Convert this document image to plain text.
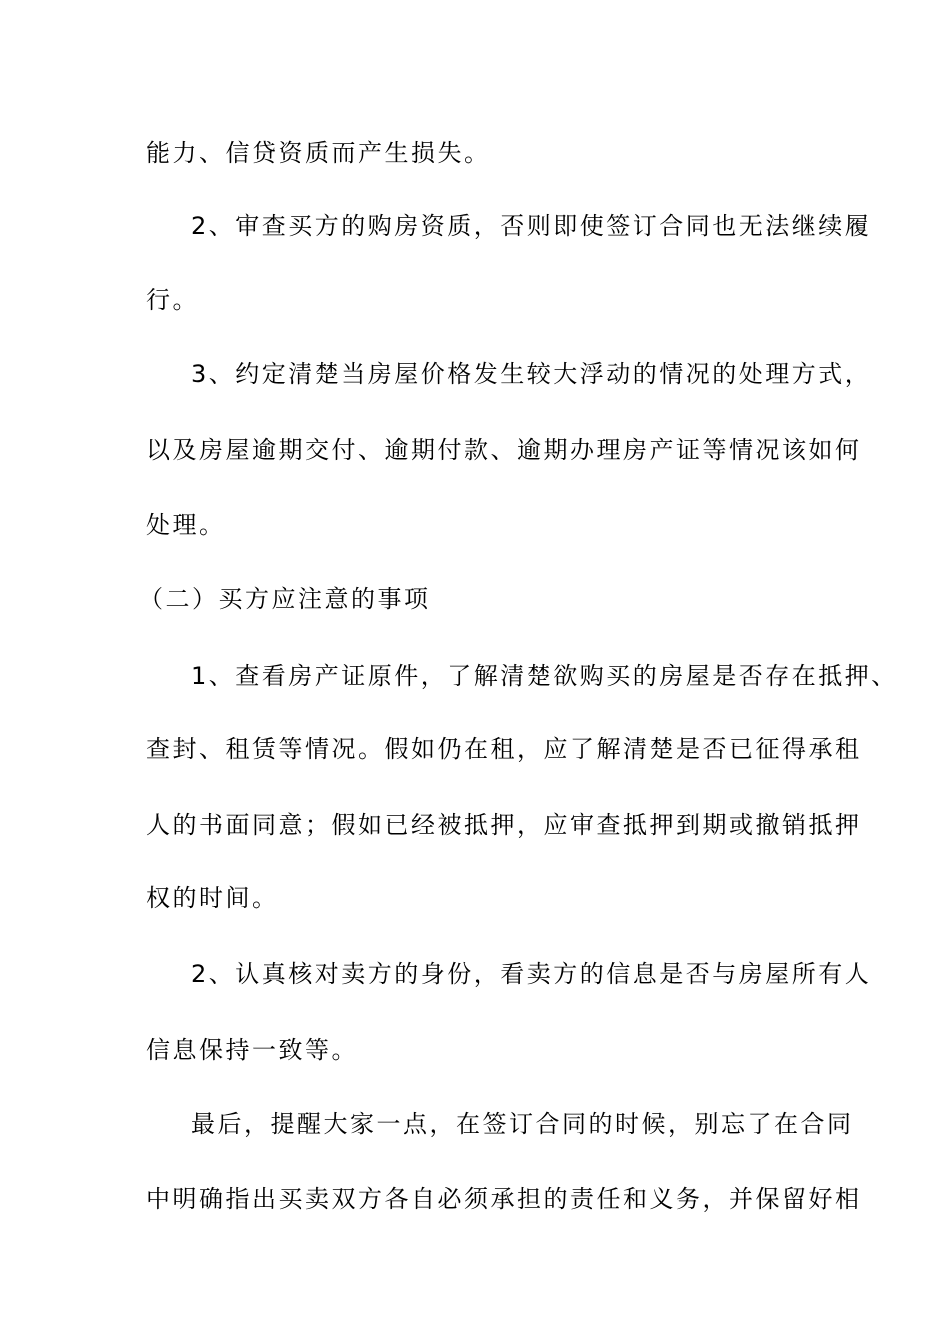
能力、信贷资质而产生损失。
2、审查买方的购房资质，否则即使签订合同也无法继续履
行。
3、约定清楚当房屋价格发生较大浮动的情况的处理方式，
以及房屋逾期交付、逾期付款、逾期办理房产证等情况该如何
处理。
（二）买方应注意的事项
1、查看房产证原件，了解清楚欲购买的房屋是否存在抵押、
查封、租赁等情况。假如仍在租，应了解清楚是否已征得承租
人的书面同意；假如已经被抵押，应审查抵押到期或撤销抵押
权的时间。
2、认真核对卖方的身份，看卖方的信息是否与房屋所有人
信息保持一致等。
最后，提醒大家一点，在签订合同的时候，别忘了在合同
中明确指出买卖双方各自必须承担的责任和义务，并保留好相
